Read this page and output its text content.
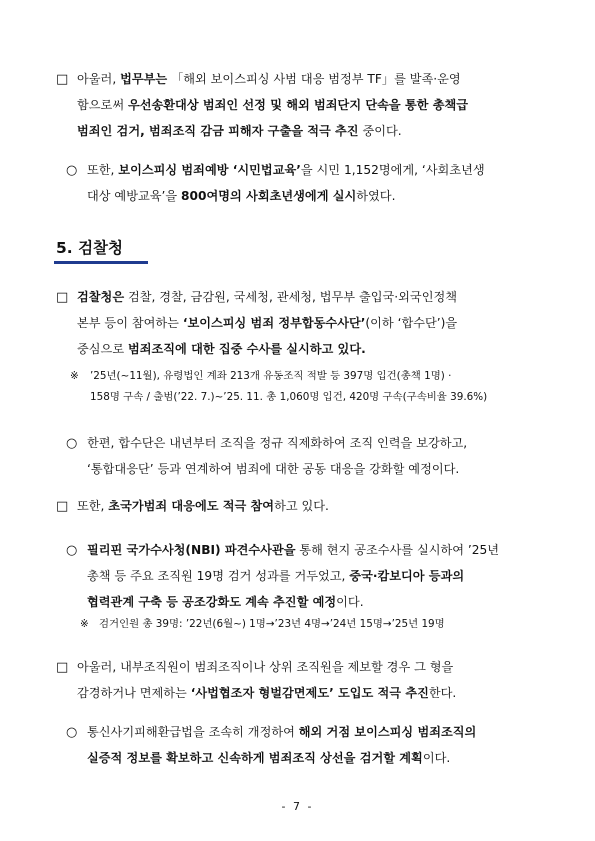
□ 아울러, 법무부는 「해외 보이스피싱 사범 대응 범정부 TF」를 발족·운영
함으로써 우선송환대상 범죄인 선정 및 해외 범죄단지 단속을 통한 총책급
범죄인 검거, 범죄조직 감금 피해자 구출을 적극 추진 중이다.
○ 또한, 보이스피싱 범죄예방 ‘시민법교육’을 시민 1,152명에게, ‘사회초년생
대상 예방교육’을 800여명의 사회초년생에게 실시하였다.
5. 검찰청
□ 검찰청은 검찰, 경찰, 금감원, 국세청, 관세청, 법무부 출입국·외국인정책
본부 등이 참여하는 ‘보이스피싱 범죄 정부합동수사단’(이하 ‘합수단’)을
중심으로 범죄조직에 대한 집중 수사를 실시하고 있다.
※ ’25년(~11월), 유령법인 계좌 213개 유동조직 적발 등 397명 입건(총책 1명) ·
158명 구속 / 출범(’22. 7.)~’25. 11. 총 1,060명 입건, 420명 구속(구속비율 39.6%)
○ 한편, 합수단은 내년부터 조직을 정규 직제화하여 조직 인력을 보강하고,
‘통합대응단’ 등과 연계하여 범죄에 대한 공동 대응을 강화할 예정이다.
□ 또한, 초국가범죄 대응에도 적극 참여하고 있다.
○ 필리핀 국가수사청(NBI) 파견수사관을 통해 현지 공조수사를 실시하여 ’25년
총책 등 주요 조직원 19명 검거 성과를 거두었고, 중국·캄보디아 등과의
협력관계 구축 등 공조강화도 계속 추진할 예정이다.
※ 검거인원 총 39명: ’22년(6월~) 1명→’23년 4명→’24년 15명→’25년 19명
□ 아울러, 내부조직원이 범죄조직이나 상위 조직원을 제보할 경우 그 형을
감경하거나 면제하는 ‘사법협조자 형벌감면제도’ 도입도 적극 추진한다.
○ 통신사기피해환급법을 조속히 개정하여 해외 거점 보이스피싱 범죄조직의
실증적 정보를 확보하고 신속하게 범죄조직 상선을 검거할 계획이다.
- 7 -
